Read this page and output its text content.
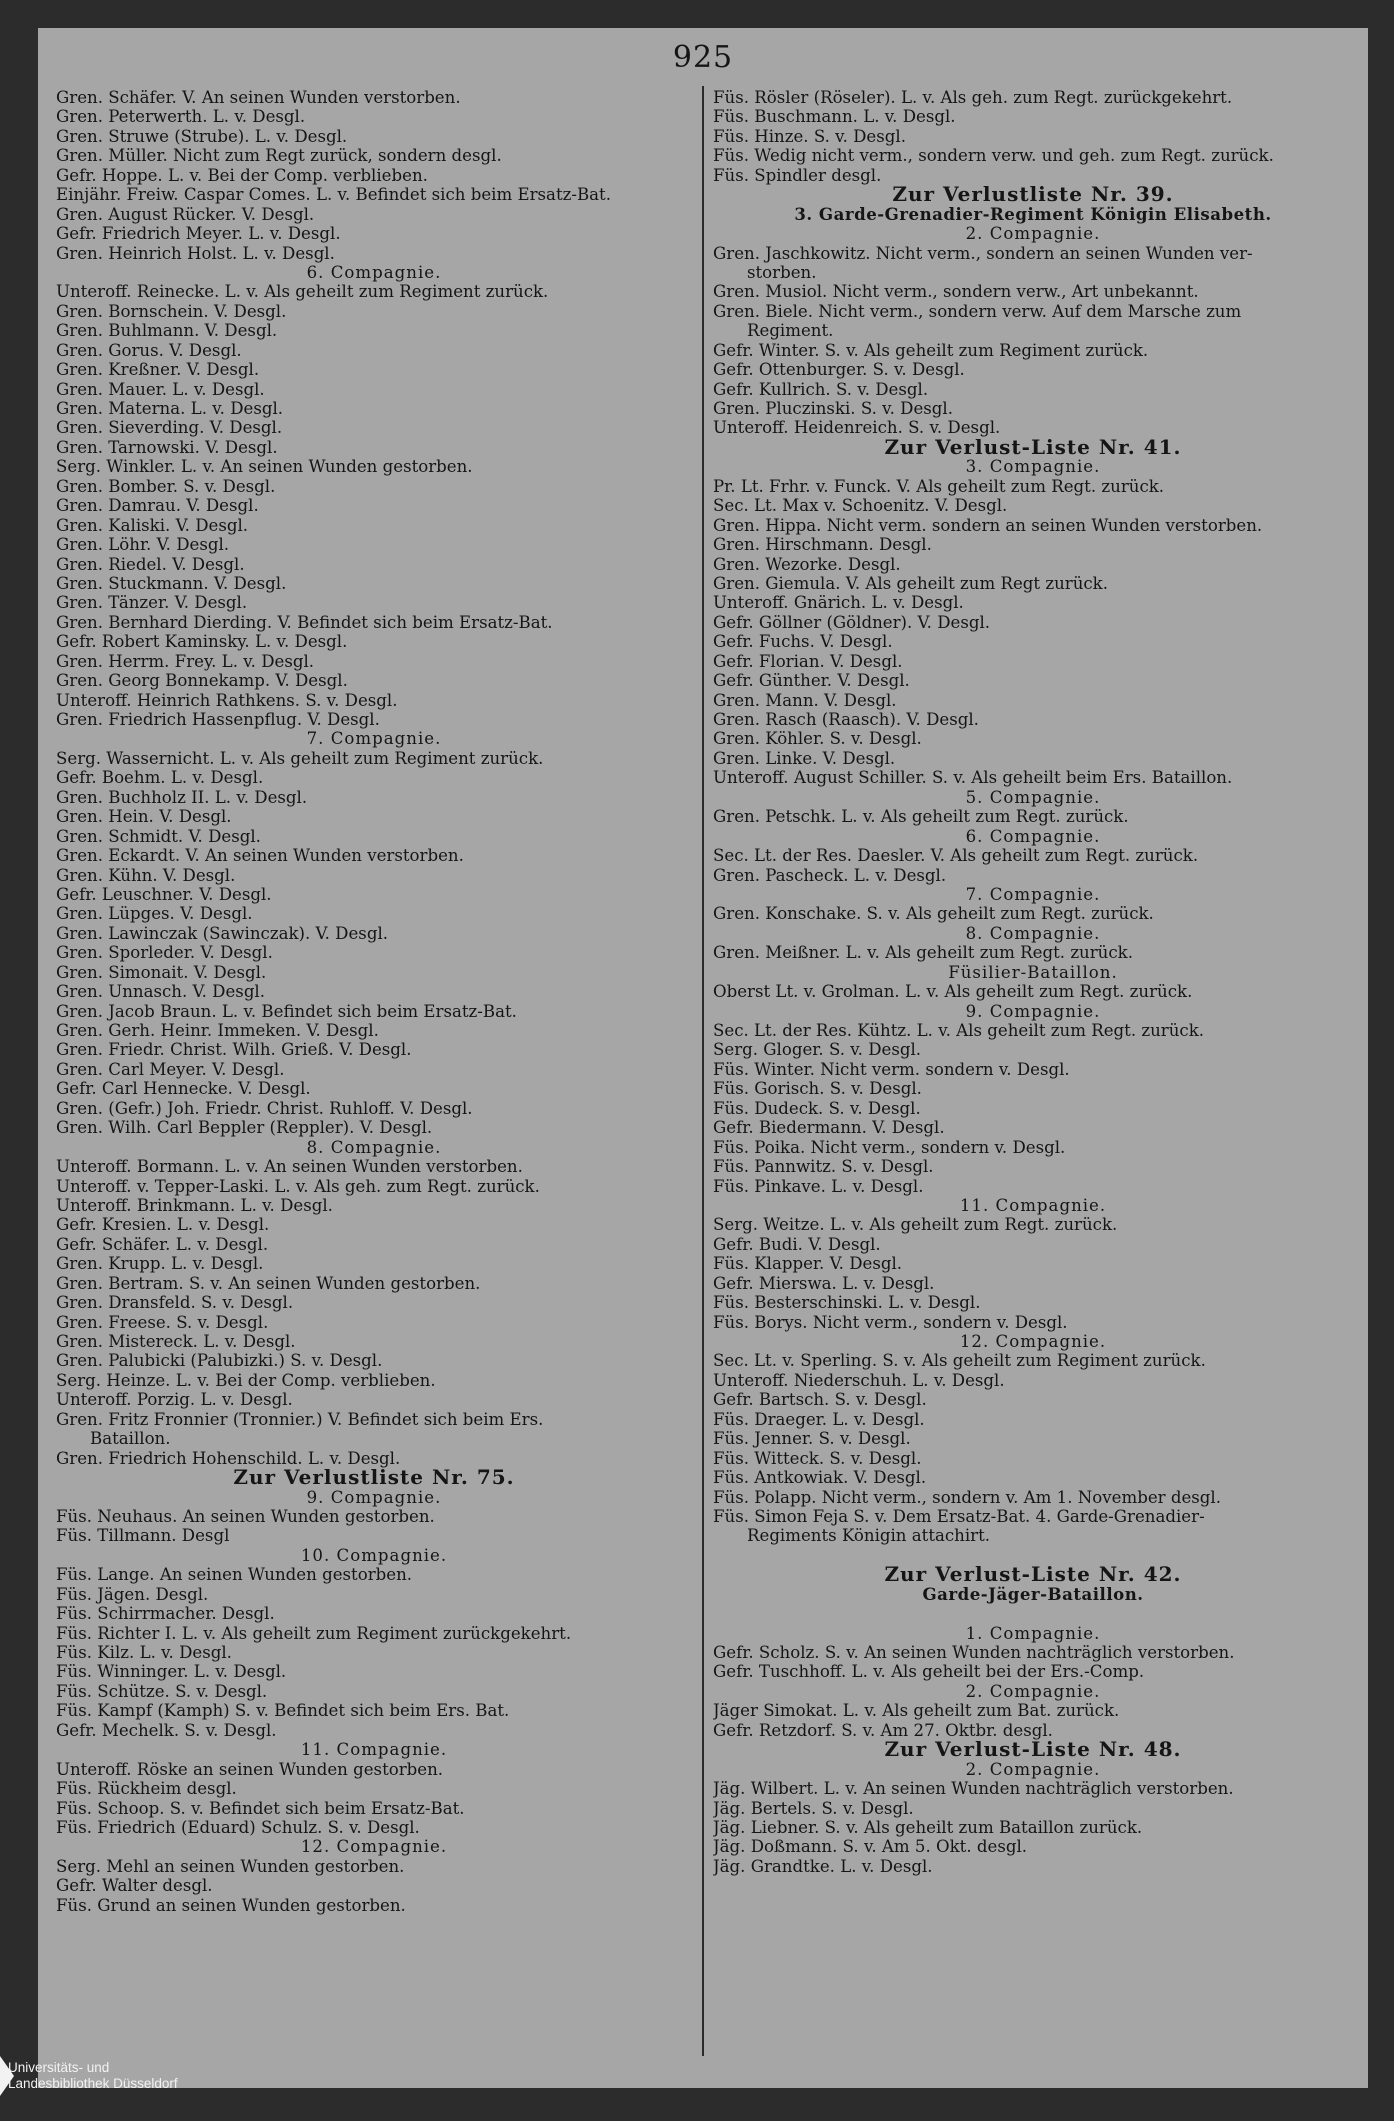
925
Gren. Schäfer. V. An seinen Wunden verstorben.
Gren. Peterwerth. L. v. Desgl.
Gren. Struwe (Strube). L. v. Desgl.
Gren. Müller. Nicht zum Regt zurück, sondern desgl.
Gefr. Hoppe. L. v. Bei der Comp. verblieben.
Einjähr. Freiw. Caspar Comes. L. v. Befindet sich beim Ersatz-Bat.
Gren. August Rücker. V. Desgl.
Gefr. Friedrich Meyer. L. v. Desgl.
Gren. Heinrich Holst. L. v. Desgl.
6. Compagnie.
Unteroff. Reinecke. L. v. Als geheilt zum Regiment zurück.
Gren. Bornschein. V. Desgl.
Gren. Buhlmann. V. Desgl.
Gren. Gorus. V. Desgl.
Gren. Kreßner. V. Desgl.
Gren. Mauer. L. v. Desgl.
Gren. Materna. L. v. Desgl.
Gren. Sieverding. V. Desgl.
Gren. Tarnowski. V. Desgl.
Serg. Winkler. L. v. An seinen Wunden gestorben.
Gren. Bomber. S. v. Desgl.
Gren. Damrau. V. Desgl.
Gren. Kaliski. V. Desgl.
Gren. Löhr. V. Desgl.
Gren. Riedel. V. Desgl.
Gren. Stuckmann. V. Desgl.
Gren. Tänzer. V. Desgl.
Gren. Bernhard Dierding. V. Befindet sich beim Ersatz-Bat.
Gefr. Robert Kaminsky. L. v. Desgl.
Gren. Herrm. Frey. L. v. Desgl.
Gren. Georg Bonnekamp. V. Desgl.
Unteroff. Heinrich Rathkens. S. v. Desgl.
Gren. Friedrich Hassenpflug. V. Desgl.
7. Compagnie.
Serg. Wassernicht. L. v. Als geheilt zum Regiment zurück.
Gefr. Boehm. L. v. Desgl.
Gren. Buchholz II. L. v. Desgl.
Gren. Hein. V. Desgl.
Gren. Schmidt. V. Desgl.
Gren. Eckardt. V. An seinen Wunden verstorben.
Gren. Kühn. V. Desgl.
Gefr. Leuschner. V. Desgl.
Gren. Lüpges. V. Desgl.
Gren. Lawinczak (Sawinczak). V. Desgl.
Gren. Sporleder. V. Desgl.
Gren. Simonait. V. Desgl.
Gren. Unnasch. V. Desgl.
Gren. Jacob Braun. L. v. Befindet sich beim Ersatz-Bat.
Gren. Gerh. Heinr. Immeken. V. Desgl.
Gren. Friedr. Christ. Wilh. Grieß. V. Desgl.
Gren. Carl Meyer. V. Desgl.
Gefr. Carl Hennecke. V. Desgl.
Gren. (Gefr.) Joh. Friedr. Christ. Ruhloff. V. Desgl.
Gren. Wilh. Carl Beppler (Reppler). V. Desgl.
8. Compagnie.
Unteroff. Bormann. L. v. An seinen Wunden verstorben.
Unteroff. v. Tepper-Laski. L. v. Als geh. zum Regt. zurück.
Unteroff. Brinkmann. L. v. Desgl.
Gefr. Kresien. L. v. Desgl.
Gefr. Schäfer. L. v. Desgl.
Gren. Krupp. L. v. Desgl.
Gren. Bertram. S. v. An seinen Wunden gestorben.
Gren. Dransfeld. S. v. Desgl.
Gren. Freese. S. v. Desgl.
Gren. Mistereck. L. v. Desgl.
Gren. Palubicki (Palubizki.) S. v. Desgl.
Serg. Heinze. L. v. Bei der Comp. verblieben.
Unteroff. Porzig. L. v. Desgl.
Gren. Fritz Fronnier (Tronnier.) V. Befindet sich beim Ers.
Bataillon.
Gren. Friedrich Hohenschild. L. v. Desgl.
Zur Verlustliste Nr. 75.
9. Compagnie.
Füs. Neuhaus. An seinen Wunden gestorben.
Füs. Tillmann. Desgl
10. Compagnie.
Füs. Lange. An seinen Wunden gestorben.
Füs. Jägen. Desgl.
Füs. Schirrmacher. Desgl.
Füs. Richter I. L. v. Als geheilt zum Regiment zurückgekehrt.
Füs. Kilz. L. v. Desgl.
Füs. Winninger. L. v. Desgl.
Füs. Schütze. S. v. Desgl.
Füs. Kampf (Kamph) S. v. Befindet sich beim Ers. Bat.
Gefr. Mechelk. S. v. Desgl.
11. Compagnie.
Unteroff. Röske an seinen Wunden gestorben.
Füs. Rückheim desgl.
Füs. Schoop. S. v. Befindet sich beim Ersatz-Bat.
Füs. Friedrich (Eduard) Schulz. S. v. Desgl.
12. Compagnie.
Serg. Mehl an seinen Wunden gestorben.
Gefr. Walter desgl.
Füs. Grund an seinen Wunden gestorben.
Füs. Rösler (Röseler). L. v. Als geh. zum Regt. zurückgekehrt.
Füs. Buschmann. L. v. Desgl.
Füs. Hinze. S. v. Desgl.
Füs. Wedig nicht verm., sondern verw. und geh. zum Regt. zurück.
Füs. Spindler desgl.
Zur Verlustliste Nr. 39.
3. Garde-Grenadier-Regiment Königin Elisabeth.
2. Compagnie.
Gren. Jaschkowitz. Nicht verm., sondern an seinen Wunden ver-
storben.
Gren. Musiol. Nicht verm., sondern verw., Art unbekannt.
Gren. Biele. Nicht verm., sondern verw. Auf dem Marsche zum
Regiment.
Gefr. Winter. S. v. Als geheilt zum Regiment zurück.
Gefr. Ottenburger. S. v. Desgl.
Gefr. Kullrich. S. v. Desgl.
Gren. Pluczinski. S. v. Desgl.
Unteroff. Heidenreich. S. v. Desgl.
Zur Verlust-Liste Nr. 41.
3. Compagnie.
Pr. Lt. Frhr. v. Funck. V. Als geheilt zum Regt. zurück.
Sec. Lt. Max v. Schoenitz. V. Desgl.
Gren. Hippa. Nicht verm. sondern an seinen Wunden verstorben.
Gren. Hirschmann. Desgl.
Gren. Wezorke. Desgl.
Gren. Giemula. V. Als geheilt zum Regt zurück.
Unteroff. Gnärich. L. v. Desgl.
Gefr. Göllner (Göldner). V. Desgl.
Gefr. Fuchs. V. Desgl.
Gefr. Florian. V. Desgl.
Gefr. Günther. V. Desgl.
Gren. Mann. V. Desgl.
Gren. Rasch (Raasch). V. Desgl.
Gren. Köhler. S. v. Desgl.
Gren. Linke. V. Desgl.
Unteroff. August Schiller. S. v. Als geheilt beim Ers. Bataillon.
5. Compagnie.
Gren. Petschk. L. v. Als geheilt zum Regt. zurück.
6. Compagnie.
Sec. Lt. der Res. Daesler. V. Als geheilt zum Regt. zurück.
Gren. Pascheck. L. v. Desgl.
7. Compagnie.
Gren. Konschake. S. v. Als geheilt zum Regt. zurück.
8. Compagnie.
Gren. Meißner. L. v. Als geheilt zum Regt. zurück.
Füsilier-Bataillon.
Oberst Lt. v. Grolman. L. v. Als geheilt zum Regt. zurück.
9. Compagnie.
Sec. Lt. der Res. Kühtz. L. v. Als geheilt zum Regt. zurück.
Serg. Gloger. S. v. Desgl.
Füs. Winter. Nicht verm. sondern v. Desgl.
Füs. Gorisch. S. v. Desgl.
Füs. Dudeck. S. v. Desgl.
Gefr. Biedermann. V. Desgl.
Füs. Poika. Nicht verm., sondern v. Desgl.
Füs. Pannwitz. S. v. Desgl.
Füs. Pinkave. L. v. Desgl.
11. Compagnie.
Serg. Weitze. L. v. Als geheilt zum Regt. zurück.
Gefr. Budi. V. Desgl.
Füs. Klapper. V. Desgl.
Gefr. Mierswa. L. v. Desgl.
Füs. Besterschinski. L. v. Desgl.
Füs. Borys. Nicht verm., sondern v. Desgl.
12. Compagnie.
Sec. Lt. v. Sperling. S. v. Als geheilt zum Regiment zurück.
Unteroff. Niederschuh. L. v. Desgl.
Gefr. Bartsch. S. v. Desgl.
Füs. Draeger. L. v. Desgl.
Füs. Jenner. S. v. Desgl.
Füs. Witteck. S. v. Desgl.
Füs. Antkowiak. V. Desgl.
Füs. Polapp. Nicht verm., sondern v. Am 1. November desgl.
Füs. Simon Feja S. v. Dem Ersatz-Bat. 4. Garde-Grenadier-
Regiments Königin attachirt.
Zur Verlust-Liste Nr. 42.
Garde-Jäger-Bataillon.
1. Compagnie.
Gefr. Scholz. S. v. An seinen Wunden nachträglich verstorben.
Gefr. Tuschhoff. L. v. Als geheilt bei der Ers.-Comp.
2. Compagnie.
Jäger Simokat. L. v. Als geheilt zum Bat. zurück.
Gefr. Retzdorf. S. v. Am 27. Oktbr. desgl.
Zur Verlust-Liste Nr. 48.
2. Compagnie.
Jäg. Wilbert. L. v. An seinen Wunden nachträglich verstorben.
Jäg. Bertels. S. v. Desgl.
Jäg. Liebner. S. v. Als geheilt zum Bataillon zurück.
Jäg. Doßmann. S. v. Am 5. Okt. desgl.
Jäg. Grandtke. L. v. Desgl.
Universitäts- und
Landesbibliothek Düsseldorf
